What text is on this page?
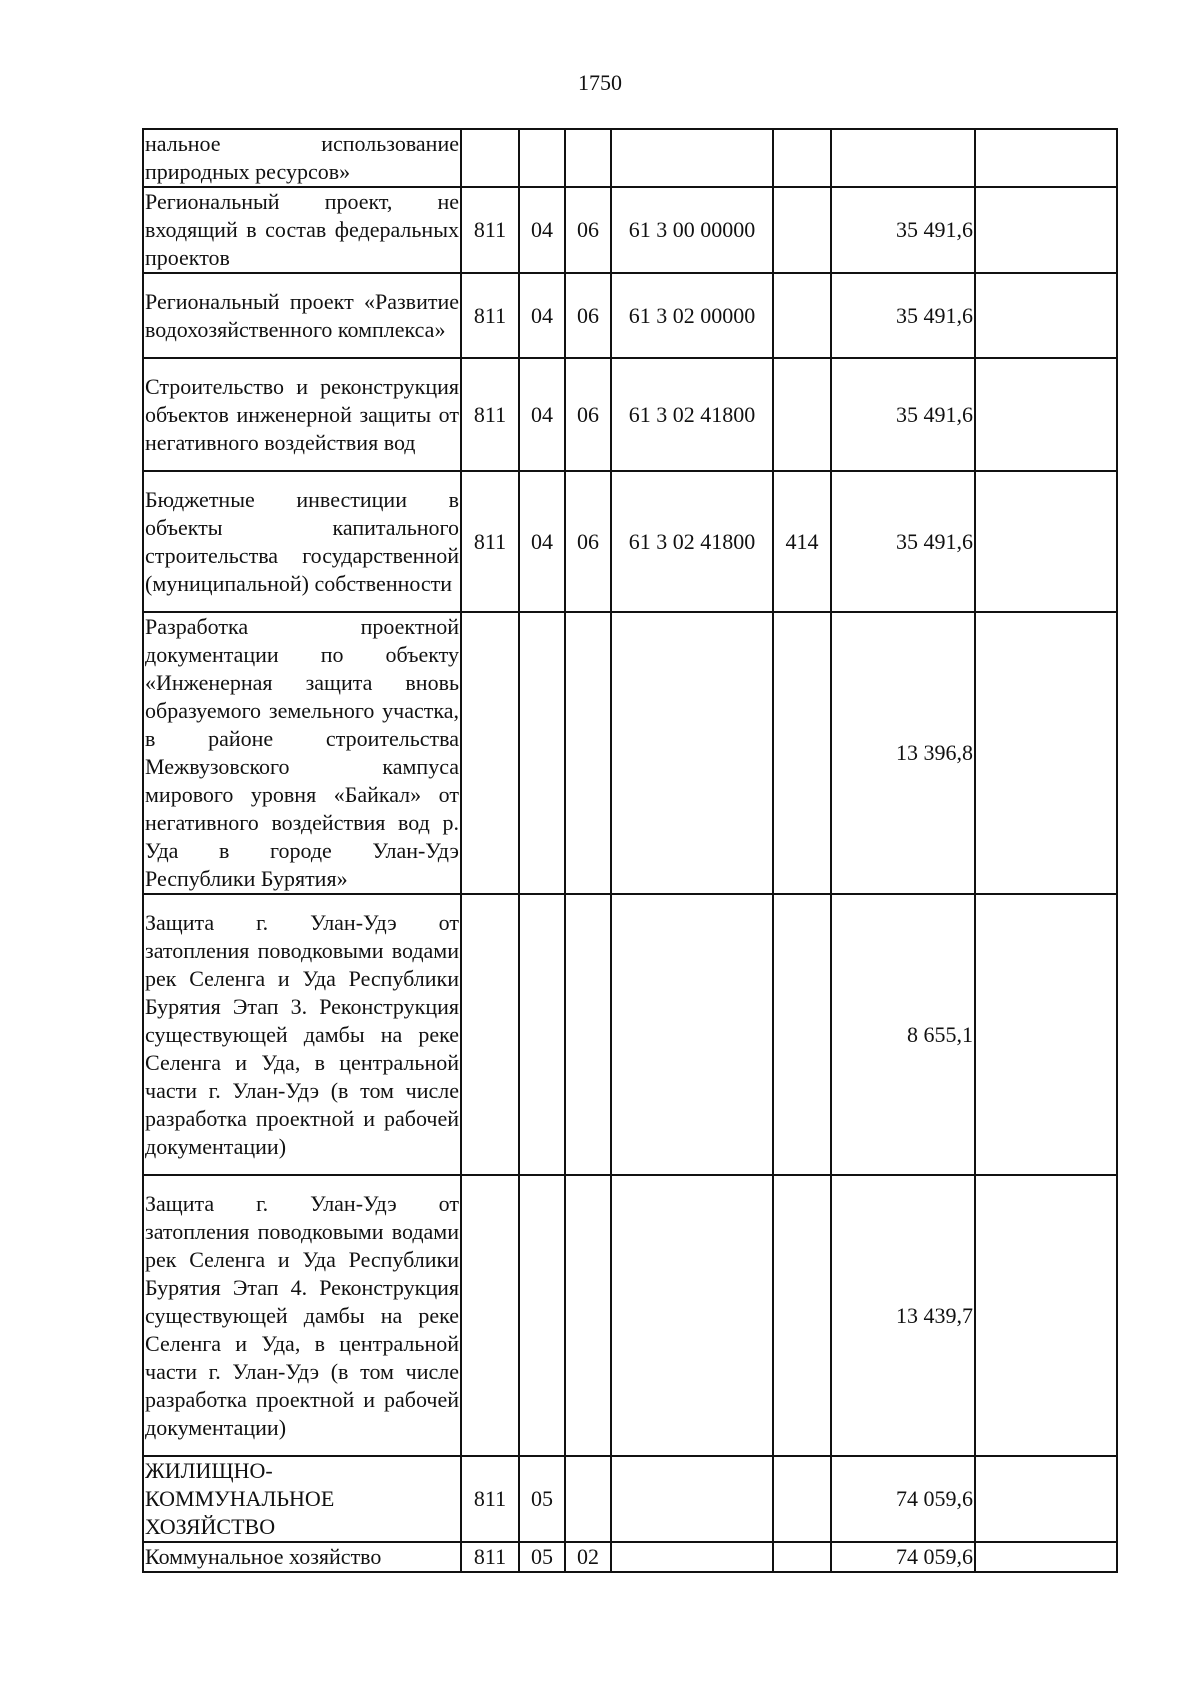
1750
нальное использование природных ресурсов»							
Региональный проект, не входящий в состав федеральных проектов	811	04	06	61 3 00 00000		35 491,6	
Региональный проект «Развитие водохозяйственного комплекса»	811	04	06	61 3 02 00000		35 491,6	
Строительство и реконструкция объектов инженерной защиты от негативного воздействия вод	811	04	06	61 3 02 41800		35 491,6	
Бюджетные инвестиции в объекты капитального строительства государственной (муниципальной) собственности	811	04	06	61 3 02 41800	414	35 491,6	
Разработка проектной документации по объекту «Инженерная защита вновь образуемого земельного участка, в районе строительства Межвузовского кампуса мирового уровня «Байкал» от негативного воздействия вод р. Уда в городе Улан-Удэ Республики Бурятия»						13 396,8	
Защита г. Улан-Удэ от затопления поводковыми водами рек Селенга и Уда Республики Бурятия Этап 3. Реконструкция существующей дамбы на реке Селенга и Уда, в центральной части г. Улан-Удэ (в том числе разработка проектной и рабочей документации)						8 655,1	
Защита г. Улан-Удэ от затопления поводковыми водами рек Селенга и Уда Республики Бурятия Этап 4. Реконструкция существующей дамбы на реке Селенга и Уда, в центральной части г. Улан-Удэ (в том числе разработка проектной и рабочей документации)						13 439,7	
ЖИЛИЩНО-КОММУНАЛЬНОЕ ХОЗЯЙСТВО	811	05				74 059,6	
Коммунальное хозяйство	811	05	02			74 059,6	
